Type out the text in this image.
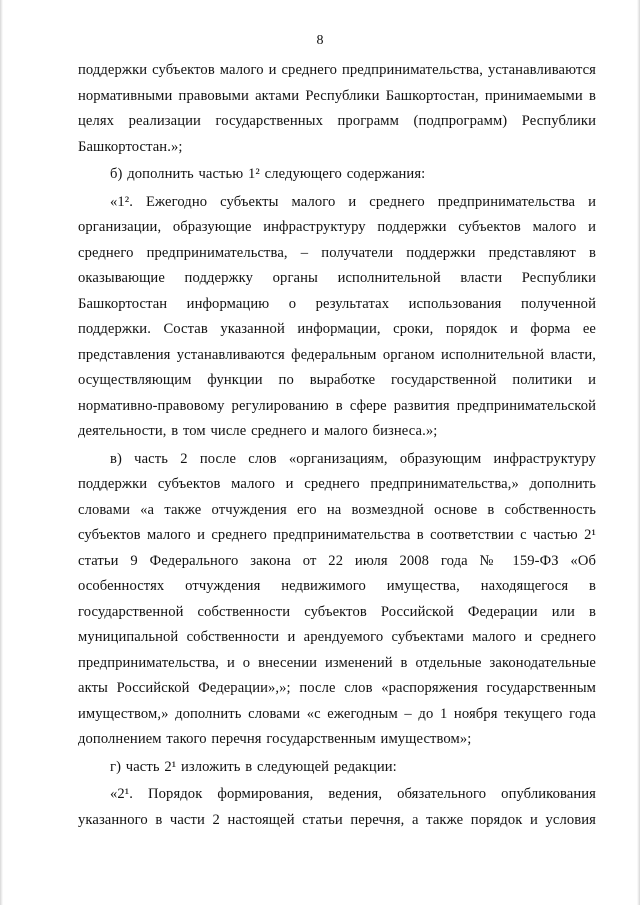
8

поддержки субъектов малого и среднего предпринимательства, устанавливаются нормативными правовыми актами Республики Башкортостан, принимаемыми в целях реализации государственных программ (подпрограмм) Республики Башкортостан.»;

б) дополнить частью 1² следующего содержания:

«1². Ежегодно субъекты малого и среднего предпринимательства и организации, образующие инфраструктуру поддержки субъектов малого и среднего предпринимательства, – получатели поддержки представляют в оказывающие поддержку органы исполнительной власти Республики Башкортостан информацию о результатах использования полученной поддержки. Состав указанной информации, сроки, порядок и форма ее представления устанавливаются федеральным органом исполнительной власти, осуществляющим функции по выработке государственной политики и нормативно-правовому регулированию в сфере развития предпринимательской деятельности, в том числе среднего и малого бизнеса.»;

в) часть 2 после слов «организациям, образующим инфраструктуру поддержки субъектов малого и среднего предпринимательства,» дополнить словами «а также отчуждения его на возмездной основе в собственность субъектов малого и среднего предпринимательства в соответствии с частью 2¹ статьи 9 Федерального закона от 22 июля 2008 года № 159-ФЗ «Об особенностях отчуждения недвижимого имущества, находящегося в государственной собственности субъектов Российской Федерации или в муниципальной собственности и арендуемого субъектами малого и среднего предпринимательства, и о внесении изменений в отдельные законодательные акты Российской Федерации»,»; после слов «распоряжения государственным имуществом,» дополнить словами «с ежегодным – до 1 ноября текущего года дополнением такого перечня государственным имуществом»;

г) часть 2¹ изложить в следующей редакции:

«2¹. Порядок формирования, ведения, обязательного опубликования указанного в части 2 настоящей статьи перечня, а также порядок и условия
